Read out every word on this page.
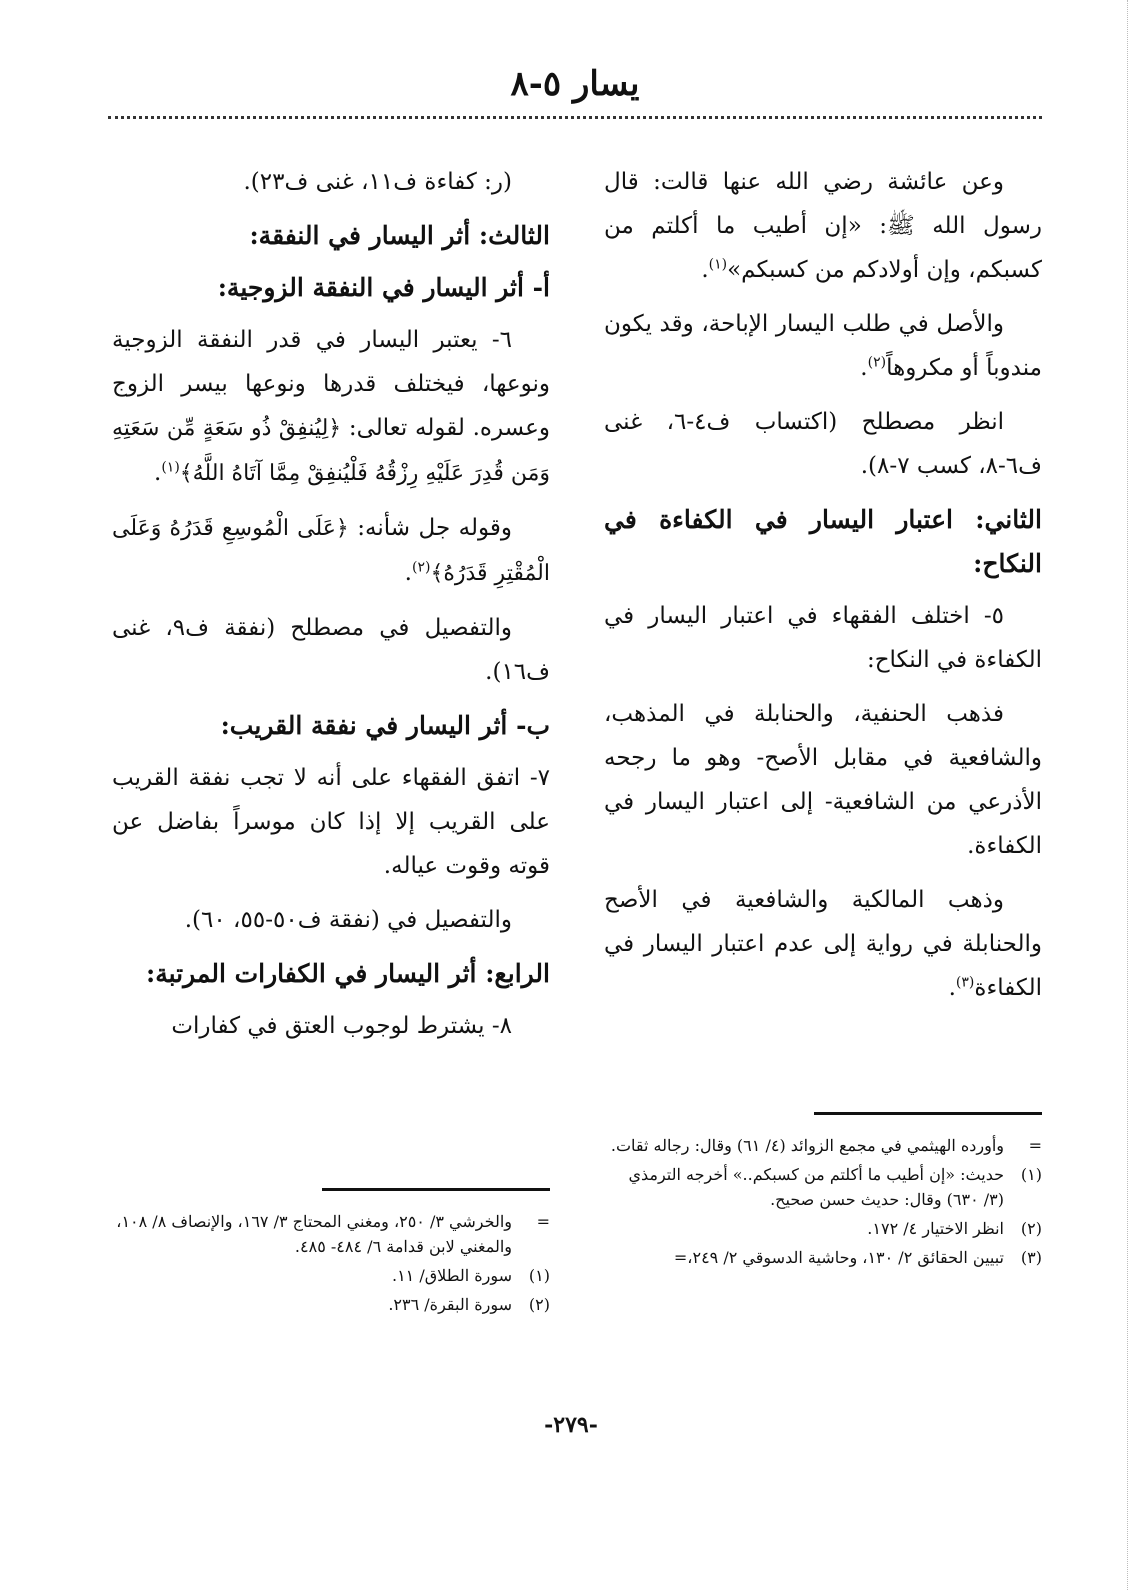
يسار ٥-٨

وعن عائشة رضي الله عنها قالت: قال رسول الله ﷺ: «إن أطيب ما أكلتم من كسبكم، وإن أولادكم من كسبكم»$^{(١)}$.

والأصل في طلب اليسار الإباحة، وقد يكون مندوباً أو مكروهاً$^{(٢)}$.

انظر مصطلح (اكتساب ف٤-٦، غنى ف٦-٨، كسب ٧-٨).

الثاني: اعتبار اليسار في الكفاءة في النكاح:

٥- اختلف الفقهاء في اعتبار اليسار في الكفاءة في النكاح:

فذهب الحنفية، والحنابلة في المذهب، والشافعية في مقابل الأصح- وهو ما رجحه الأذرعي من الشافعية- إلى اعتبار اليسار في الكفاءة.

وذهب المالكية والشافعية في الأصح والحنابلة في رواية إلى عدم اعتبار اليسار في الكفاءة$^{(٣)}$.

(ر: كفاءة ف١١، غنى ف٢٣).

الثالث: أثر اليسار في النفقة:
أ- أثر اليسار في النفقة الزوجية:

٦- يعتبر اليسار في قدر النفقة الزوجية ونوعها، فيختلف قدرها ونوعها بيسر الزوج وعسره. لقوله تعالى: ﴿لِيُنفِقْ ذُو سَعَةٍ مِّن سَعَتِهِ وَمَن قُدِرَ عَلَيْهِ رِزْقُهُ فَلْيُنفِقْ مِمَّا آتَاهُ اللَّهُ﴾$^{(١)}$.

وقوله جل شأنه: ﴿عَلَى الْمُوسِعِ قَدَرُهُ وَعَلَى الْمُقْتِرِ قَدَرُهُ﴾$^{(٢)}$.

والتفصيل في مصطلح (نفقة ف٩، غنى ف١٦).

ب- أثر اليسار في نفقة القريب:

٧- اتفق الفقهاء على أنه لا تجب نفقة القريب على القريب إلا إذا كان موسراً بفاضل عن قوته وقوت عياله.

والتفصيل في (نفقة ف٥٠-٥٥، ٦٠).

الرابع: أثر اليسار في الكفارات المرتبة:

٨- يشترط لوجوب العتق في كفارات

=
وأورده الهيثمي في مجمع الزوائد (٤/ ٦١) وقال: رجاله ثقات.
(١)
حديث: «إن أطيب ما أكلتم من كسبكم..» أخرجه الترمذي (٣/ ٦٣٠) وقال: حديث حسن صحيح.
(٢)
انظر الاختيار ٤/ ١٧٢.
(٣)
تبيين الحقائق ٢/ ١٣٠، وحاشية الدسوقي ٢/ ٢٤٩،=
=
والخرشي ٣/ ٢٥٠، ومغني المحتاج ٣/ ١٦٧، والإنصاف ٨/ ١٠٨، والمغني لابن قدامة ٦/ ٤٨٤- ٤٨٥.
(١)
سورة الطلاق/ ١١.
(٢)
سورة البقرة/ ٢٣٦.
-٢٧٩-
